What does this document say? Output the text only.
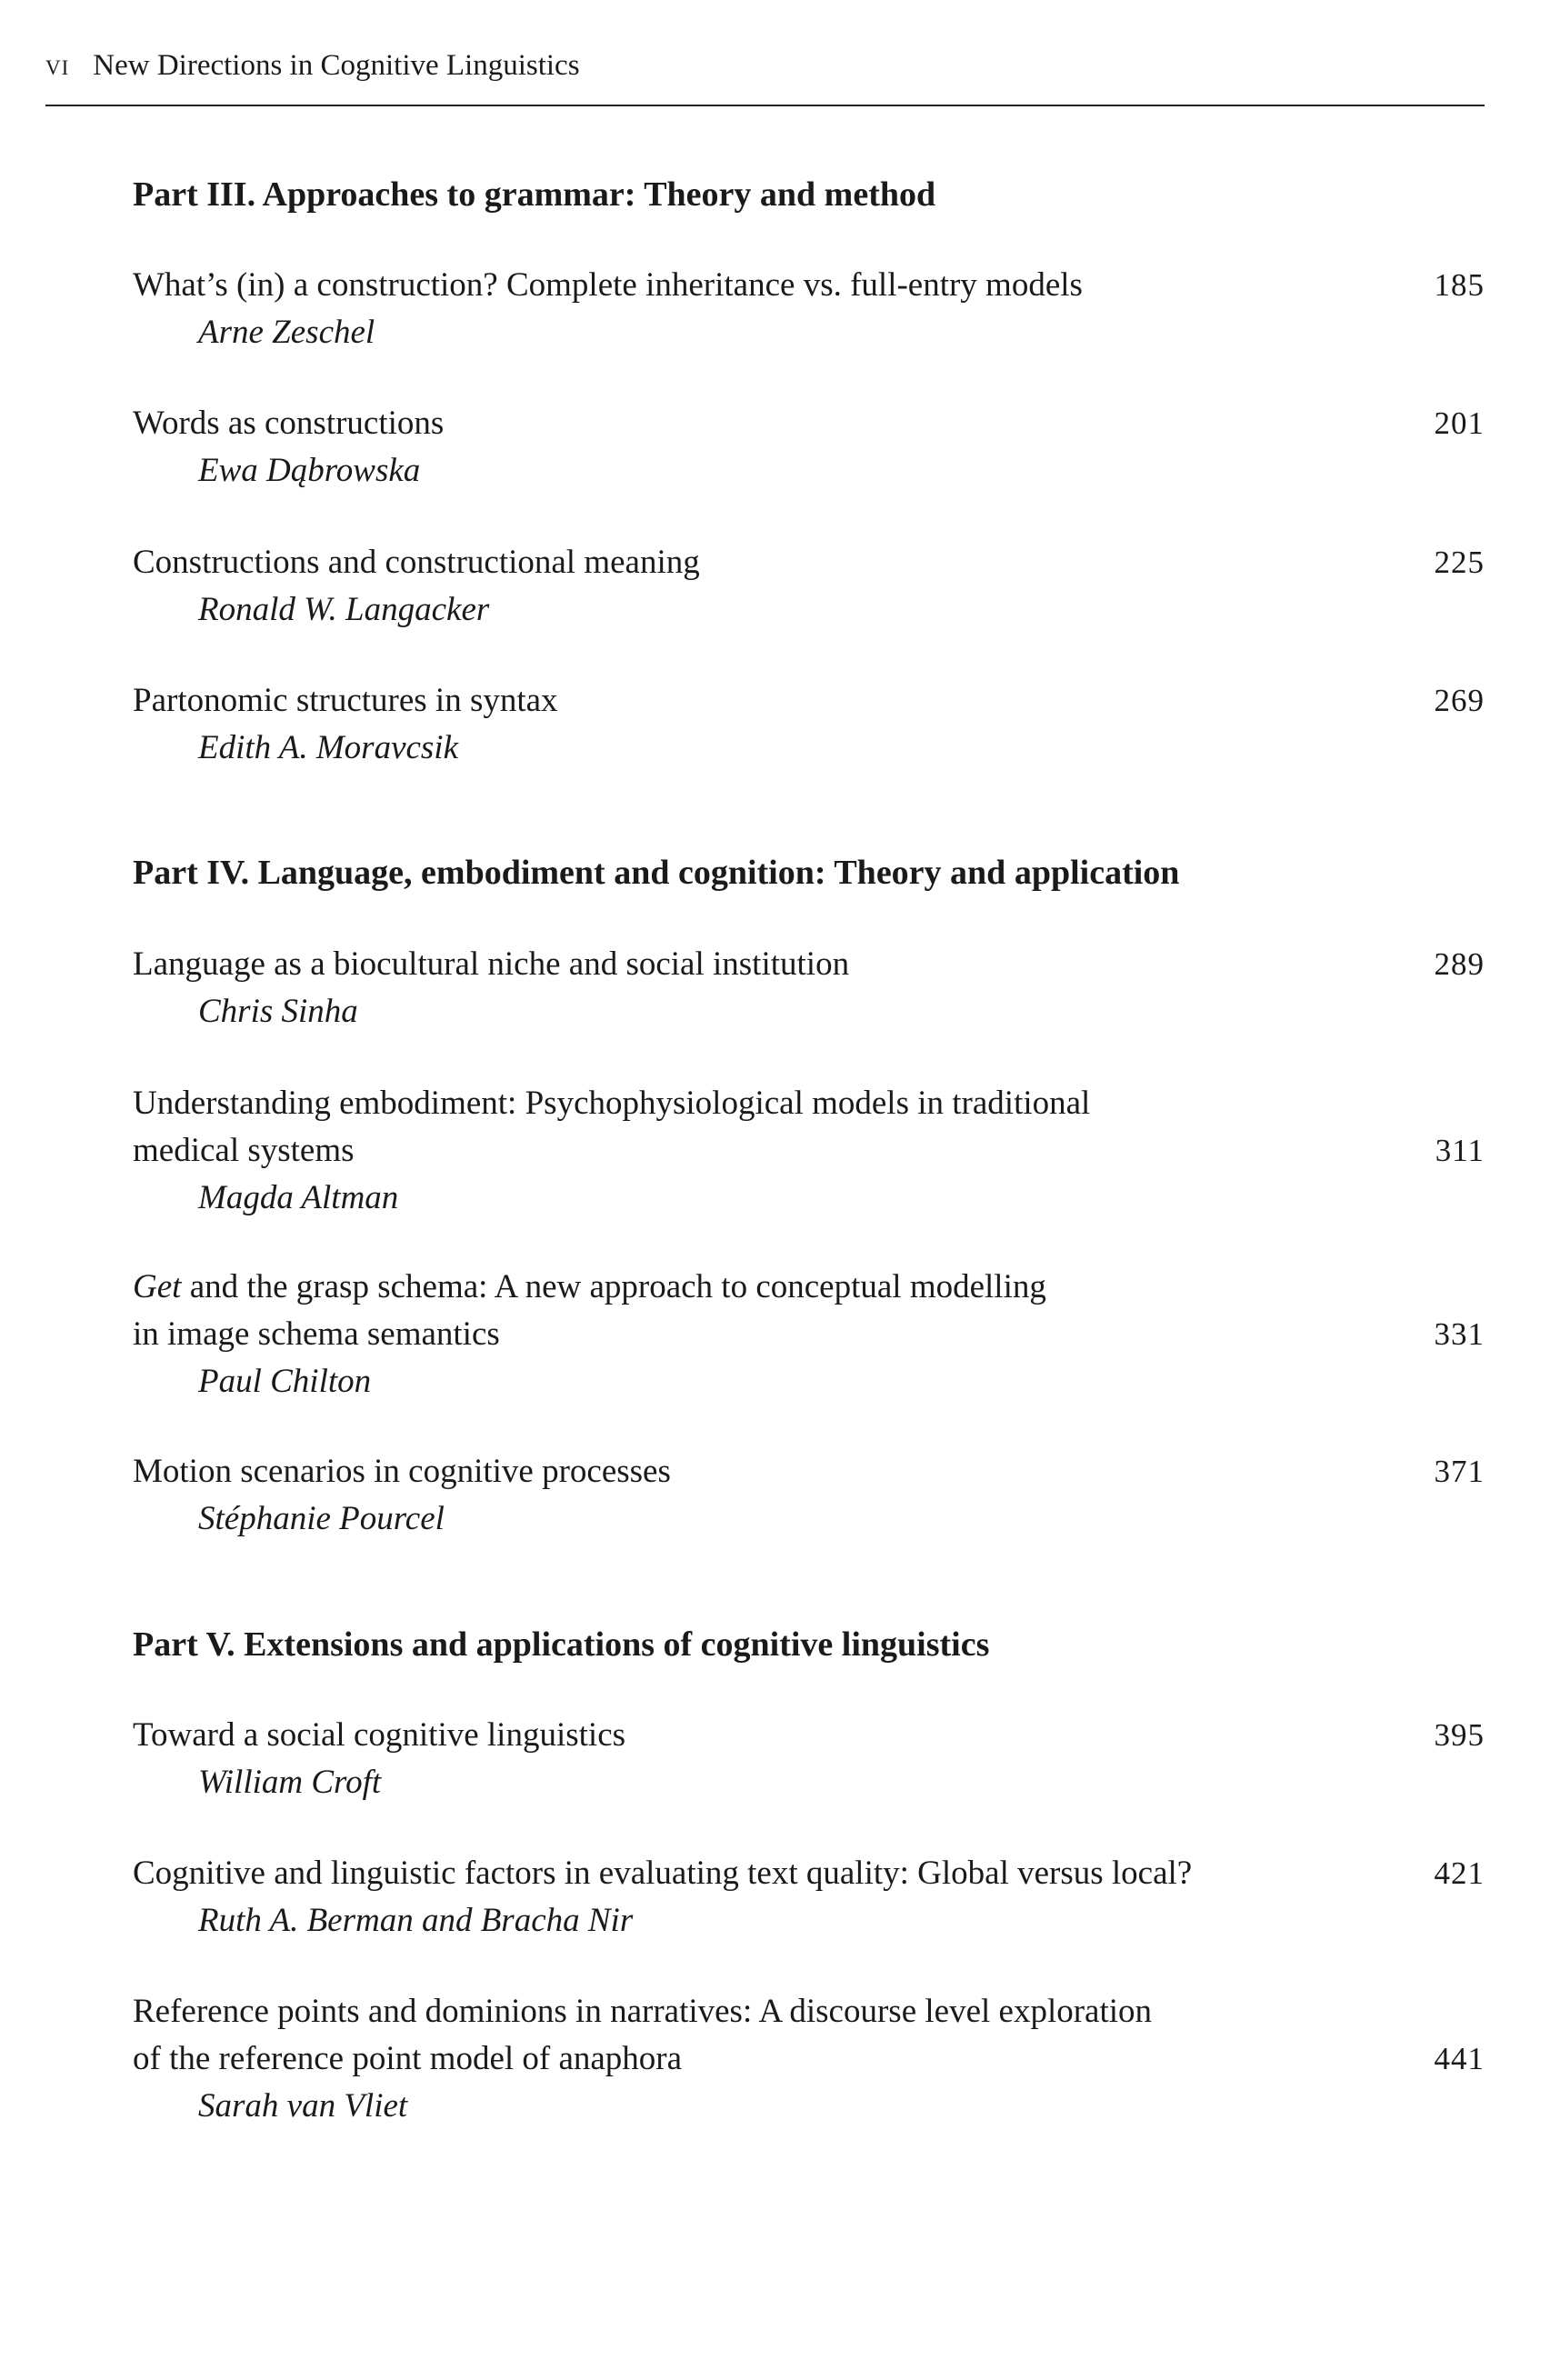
vi New Directions in Cognitive Linguistics
Part III. Approaches to grammar: Theory and method
What’s (in) a construction? Complete inheritance vs. full-entry models
Arne Zeschel
185
Words as constructions
Ewa Dąbrowska
201
Constructions and constructional meaning
Ronald W. Langacker
225
Partonomic structures in syntax
Edith A. Moravcsik
269
Part IV. Language, embodiment and cognition: Theory and application
Language as a biocultural niche and social institution
Chris Sinha
289
Understanding embodiment: Psychophysiological models in traditional
medical systems
Magda Altman
311
Get and the grasp schema: A new approach to conceptual modelling
in image schema semantics
Paul Chilton
331
Motion scenarios in cognitive processes
Stéphanie Pourcel
371
Part V. Extensions and applications of cognitive linguistics
Toward a social cognitive linguistics
William Croft
395
Cognitive and linguistic factors in evaluating text quality: Global versus local?
Ruth A. Berman and Bracha Nir
421
Reference points and dominions in narratives: A discourse level exploration
of the reference point model of anaphora
Sarah van Vliet
441
